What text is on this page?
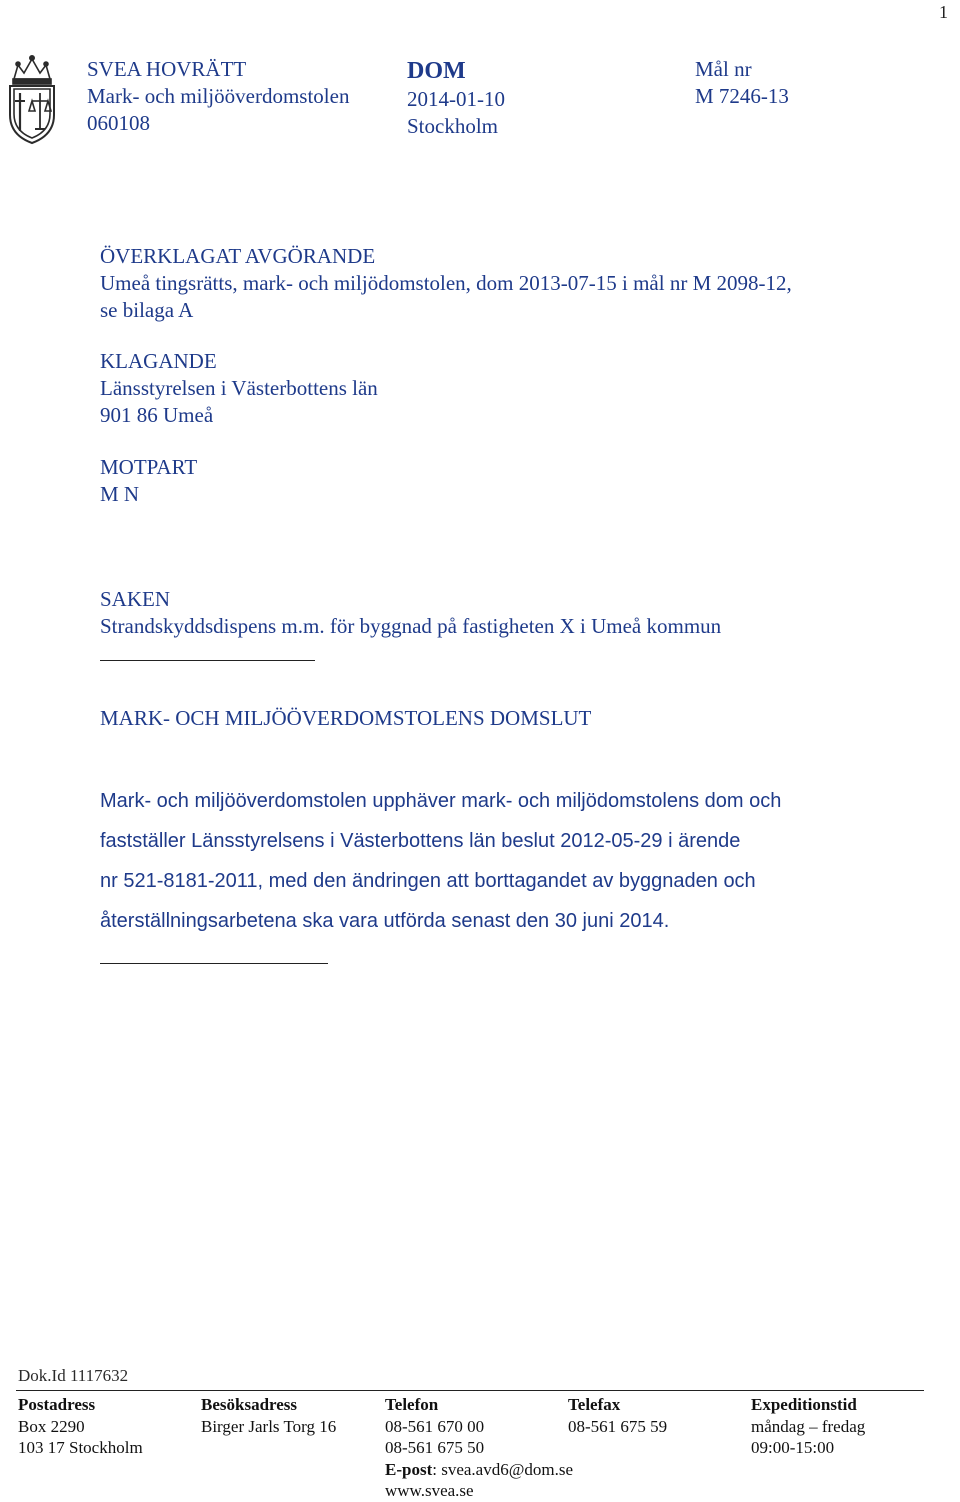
1
SVEA HOVRÄTT
Mark- och miljööverdomstolen
060108
DOM
2014-01-10
Stockholm
Mål nr
M 7246-13
ÖVERKLAGAT AVGÖRANDE
Umeå tingsrätts, mark- och miljödomstolen, dom 2013-07-15 i mål nr M 2098-12,
se bilaga A
KLAGANDE
Länsstyrelsen i Västerbottens län
901 86 Umeå
MOTPART
M N
SAKEN
Strandskyddsdispens m.m. för byggnad på fastigheten X i Umeå kommun
MARK- OCH MILJÖÖVERDOMSTOLENS DOMSLUT
Mark- och miljööverdomstolen upphäver mark- och miljödomstolens dom och
fastställer Länsstyrelsens i Västerbottens län beslut 2012-05-29 i ärende
nr 521-8181-2011, med den ändringen att borttagandet av byggnaden och
återställningsarbetena ska vara utförda senast den 30 juni 2014.
Dok.Id 1117632
Postadress
Box 2290
103 17 Stockholm
Besöksadress
Birger Jarls Torg 16
Telefon
08-561 670 00
08-561 675 50
E-post: svea.avd6@dom.se
www.svea.se
Telefax
08-561 675 59
Expeditionstid
måndag – fredag
09:00-15:00
